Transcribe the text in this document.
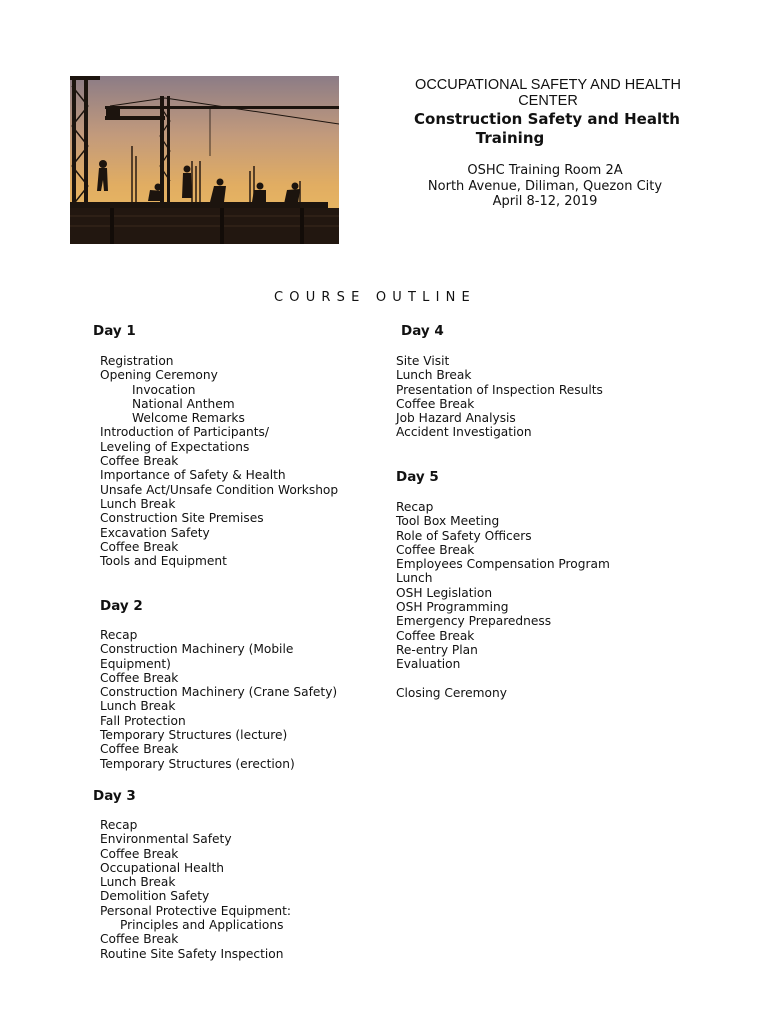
OCCUPATIONAL SAFETY AND HEALTH
CENTER
Construction Safety and Health
Training
OSHC Training Room 2A
North Avenue, Diliman, Quezon City
April 8-12, 2019
COURSE OUTLINE
Day 1
Registration
Opening Ceremony
Invocation
National Anthem
Welcome Remarks
Introduction of Participants/
Leveling of Expectations
Coffee Break
Importance of Safety & Health
Unsafe Act/Unsafe Condition Workshop
Lunch Break
Construction Site Premises
Excavation Safety
Coffee Break
Tools and Equipment
Day 2
Recap
Construction Machinery (Mobile
Equipment)
Coffee Break
Construction Machinery (Crane Safety)
Lunch Break
Fall Protection
Temporary Structures (lecture)
Coffee Break
Temporary Structures (erection)
Day 3
Recap
Environmental Safety
Coffee Break
Occupational Health
Lunch Break
Demolition Safety
Personal Protective Equipment:
Principles and Applications
Coffee Break
Routine Site Safety Inspection
Day 4
Site Visit
Lunch Break
Presentation of Inspection Results
Coffee Break
Job Hazard Analysis
Accident Investigation
Day 5
Recap
Tool Box Meeting
Role of Safety Officers
Coffee Break
Employees Compensation Program
Lunch
OSH Legislation
OSH Programming
Emergency Preparedness
Coffee Break
Re-entry Plan
Evaluation
Closing Ceremony
